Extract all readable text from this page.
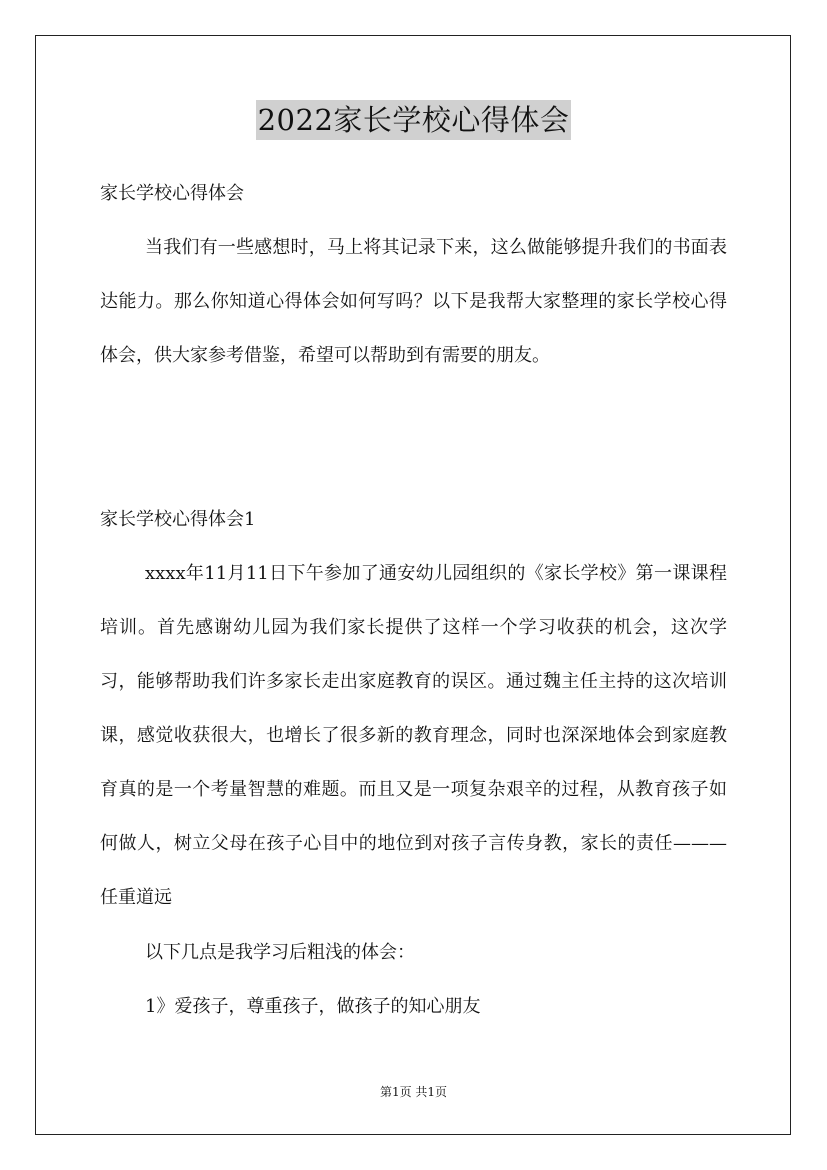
2022家长学校心得体会
家长学校心得体会

当我们有一些感想时，马上将其记录下来，这么做能够提升我们的书面表达能力。那么你知道心得体会如何写吗？以下是我帮大家整理的家长学校心得体会，供大家参考借鉴，希望可以帮助到有需要的朋友。

家长学校心得体会1

xxxx年11月11日下午参加了通安幼儿园组织的《家长学校》第一课课程培训。首先感谢幼儿园为我们家长提供了这样一个学习收获的机会，这次学习，能够帮助我们许多家长走出家庭教育的误区。通过魏主任主持的这次培训课，感觉收获很大，也增长了很多新的教育理念，同时也深深地体会到家庭教育真的是一个考量智慧的难题。而且又是一项复杂艰辛的过程，从教育孩子如何做人，树立父母在孩子心目中的地位到对孩子言传身教，家长的责任———任重道远

以下几点是我学习后粗浅的体会：
1》爱孩子，尊重孩子，做孩子的知心朋友
第1页 共1页
